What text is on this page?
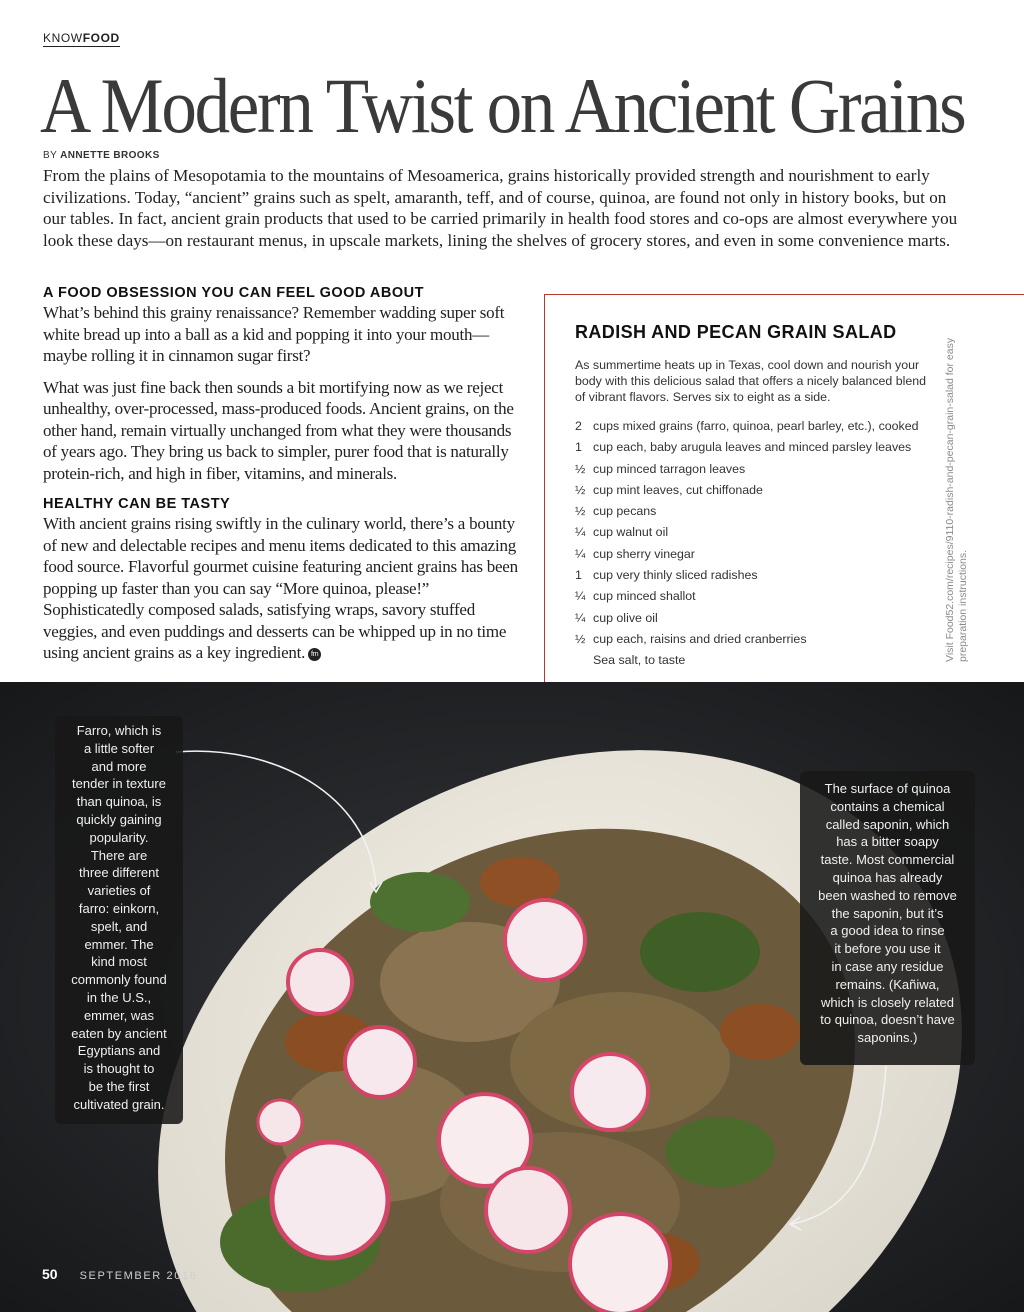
KNOWFOOD
A Modern Twist on Ancient Grains
BY ANNETTE BROOKS

From the plains of Mesopotamia to the mountains of Mesoamerica, grains historically provided strength and nourishment to early civilizations. Today, “ancient” grains such as spelt, amaranth, teff, and of course, quinoa, are found not only in history books, but on our tables. In fact, ancient grain products that used to be carried primarily in health food stores and co-ops are almost everywhere you look these days—on restaurant menus, in upscale markets, lining the shelves of grocery stores, and even in some convenience marts.

A FOOD OBSESSION YOU CAN FEEL GOOD ABOUT

What’s behind this grainy renaissance? Remember wadding super soft white bread up into a ball as a kid and popping it into your mouth—maybe rolling it in cinnamon sugar first?

What was just fine back then sounds a bit mortifying now as we reject unhealthy, over-processed, mass-produced foods. Ancient grains, on the other hand, remain virtually unchanged from what they were thousands of years ago. They bring us back to simpler, purer food that is naturally protein-rich, and high in fiber, vitamins, and minerals.

HEALTHY CAN BE TASTY

With ancient grains rising swiftly in the culinary world, there’s a bounty of new and delectable recipes and menu items dedicated to this amazing food source. Flavorful gourmet cuisine featuring ancient grains has been popping up faster than you can say “More quinoa, please!” Sophisticatedly composed salads, satisfying wraps, savory stuffed veggies, and even puddings and desserts can be whipped up in no time using ancient grains as a key ingredient. fm

RADISH AND PECAN GRAIN SALAD

As summertime heats up in Texas, cool down and nourish your body with this delicious salad that offers a nicely balanced blend of vibrant flavors. Serves six to eight as a side.

2 cups mixed grains (farro, quinoa, pearl barley, etc.), cooked
1 cup each, baby arugula leaves and minced parsley leaves
½ cup minced tarragon leaves
½ cup mint leaves, cut chiffonade
½ cup pecans
¼ cup walnut oil
¼ cup sherry vinegar
1 cup very thinly sliced radishes
¼ cup minced shallot
¼ cup olive oil
½ cup each, raisins and dried cranberries
Sea salt, to taste	Visit Food52.com/recipes/9110-radish-and-pecan-grain-salad for easy preparation instructions.
Farro, which is
a little softer
and more
tender in texture
than quinoa, is
quickly gaining
popularity.
There are
three different
varieties of
farro: einkorn,
spelt, and
emmer. The
kind most
commonly found
in the U.S.,
emmer, was
eaten by ancient
Egyptians and
is thought to
be the first
cultivated grain.
The surface of quinoa
contains a chemical
called saponin, which
has a bitter soapy
taste. Most commercial
quinoa has already
been washed to remove
the saponin, but it’s
a good idea to rinse
it before you use it
in case any residue
remains. (Kañiwa,
which is closely related
to quinoa, doesn’t have
saponins.)
50 SEPTEMBER 2016
